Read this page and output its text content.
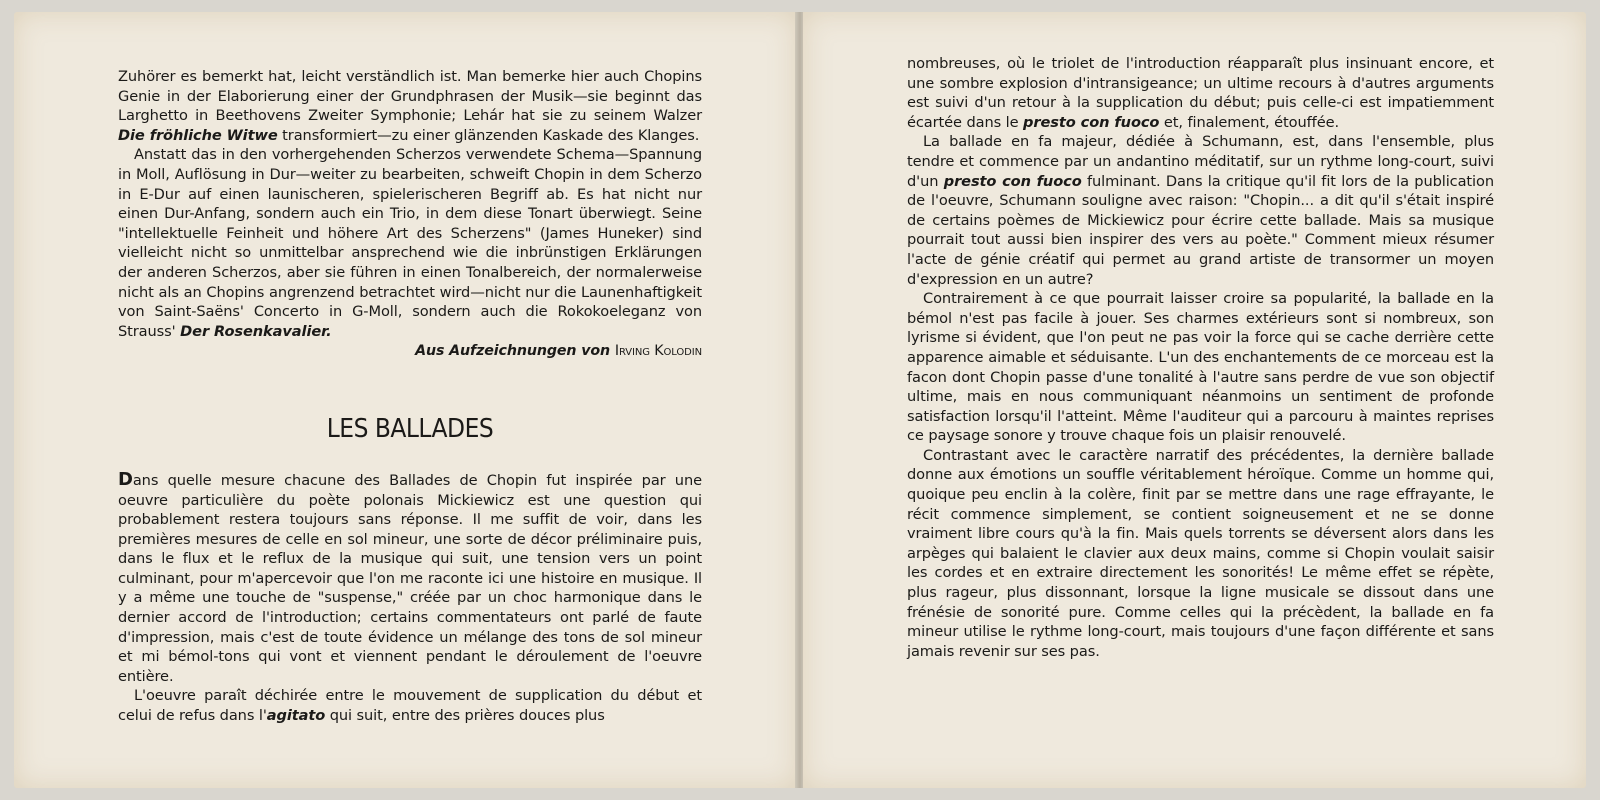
Zuhörer es bemerkt hat, leicht verständlich ist. Man bemerke hier auch Chopins Genie in der Elaborierung einer der Grundphrasen der Musik—sie beginnt das Larghetto in Beethovens Zweiter Symphonie; Lehár hat sie zu seinem Walzer Die fröhliche Witwe transformiert—zu einer glänzenden Kaskade des Klanges.

Anstatt das in den vorhergehenden Scherzos verwendete Schema—Spannung in Moll, Auflösung in Dur—weiter zu bearbeiten, schweift Chopin in dem Scherzo in E-Dur auf einen launischeren, spielerischeren Begriff ab. Es hat nicht nur einen Dur-Anfang, sondern auch ein Trio, in dem diese Tonart überwiegt. Seine "intellektuelle Feinheit und höhere Art des Scherzens" (James Huneker) sind vielleicht nicht so unmittelbar ansprechend wie die inbrünstigen Erklärungen der anderen Scherzos, aber sie führen in einen Tonalbereich, der normalerweise nicht als an Chopins angrenzend betrachtet wird—nicht nur die Launenhaftigkeit von Saint-Saëns' Concerto in G-Moll, sondern auch die Rokokoeleganz von Strauss' Der Rosenkavalier.

Aus Aufzeichnungen von Irving Kolodin

LES BALLADES

Dans quelle mesure chacune des Ballades de Chopin fut inspirée par une oeuvre particulière du poète polonais Mickiewicz est une question qui probablement restera toujours sans réponse. Il me suffit de voir, dans les premières mesures de celle en sol mineur, une sorte de décor préliminaire puis, dans le flux et le reflux de la musique qui suit, une tension vers un point culminant, pour m'apercevoir que l'on me raconte ici une histoire en musique. Il y a même une touche de "suspense," créée par un choc harmonique dans le dernier accord de l'introduction; certains commentateurs ont parlé de faute d'impression, mais c'est de toute évidence un mélange des tons de sol mineur et mi bémol-tons qui vont et viennent pendant le déroulement de l'oeuvre entière.

L'oeuvre paraît déchirée entre le mouvement de supplication du début et celui de refus dans l'agitato qui suit, entre des prières douces plus

nombreuses, où le triolet de l'introduction réapparaît plus insinuant encore, et une sombre explosion d'intransigeance; un ultime recours à d'autres arguments est suivi d'un retour à la supplication du début; puis celle-ci est impatiemment écartée dans le presto con fuoco et, finalement, étouffée.

La ballade en fa majeur, dédiée à Schumann, est, dans l'ensemble, plus tendre et commence par un andantino méditatif, sur un rythme long-court, suivi d'un presto con fuoco fulminant. Dans la critique qu'il fit lors de la publication de l'oeuvre, Schumann souligne avec raison: "Chopin... a dit qu'il s'était inspiré de certains poèmes de Mickiewicz pour écrire cette ballade. Mais sa musique pourrait tout aussi bien inspirer des vers au poète." Comment mieux résumer l'acte de génie créatif qui permet au grand artiste de transormer un moyen d'expression en un autre?

Contrairement à ce que pourrait laisser croire sa popularité, la ballade en la bémol n'est pas facile à jouer. Ses charmes extérieurs sont si nombreux, son lyrisme si évident, que l'on peut ne pas voir la force qui se cache derrière cette apparence aimable et séduisante. L'un des enchantements de ce morceau est la facon dont Chopin passe d'une tonalité à l'autre sans perdre de vue son objectif ultime, mais en nous communiquant néanmoins un sentiment de profonde satisfaction lorsqu'il l'atteint. Même l'auditeur qui a parcouru à maintes reprises ce paysage sonore y trouve chaque fois un plaisir renouvelé.

Contrastant avec le caractère narratif des précédentes, la dernière ballade donne aux émotions un souffle véritablement héroïque. Comme un homme qui, quoique peu enclin à la colère, finit par se mettre dans une rage effrayante, le récit commence simplement, se contient soigneusement et ne se donne vraiment libre cours qu'à la fin. Mais quels torrents se déversent alors dans les arpèges qui balaient le clavier aux deux mains, comme si Chopin voulait saisir les cordes et en extraire directement les sonorités! Le même effet se répète, plus rageur, plus dissonnant, lorsque la ligne musicale se dissout dans une frénésie de sonorité pure. Comme celles qui la précèdent, la ballade en fa mineur utilise le rythme long-court, mais toujours d'une façon différente et sans jamais revenir sur ses pas.
